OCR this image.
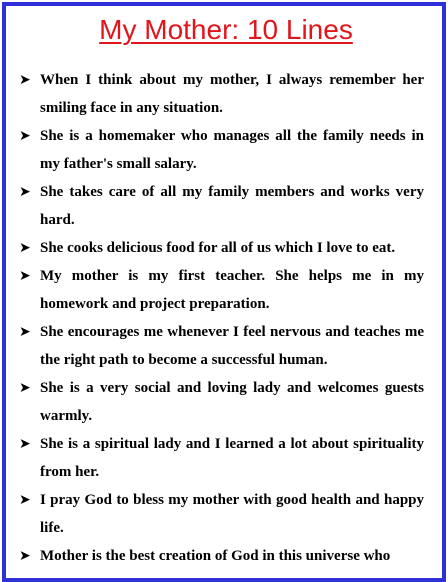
My Mother: 10 Lines
➤ When I think about my mother, I always remember her smiling face in any situation.
➤ She is a homemaker who manages all the family needs in my father's small salary.
➤ She takes care of all my family members and works very hard.
➤ She cooks delicious food for all of us which I love to eat.
➤ My mother is my first teacher. She helps me in my homework and project preparation.
➤ She encourages me whenever I feel nervous and teaches me the right path to become a successful human.
➤ She is a very social and loving lady and welcomes guests warmly.
➤ She is a spiritual lady and I learned a lot about spirituality from her.
➤ I pray God to bless my mother with good health and happy life.
➤ Mother is the best creation of God in this universe who
